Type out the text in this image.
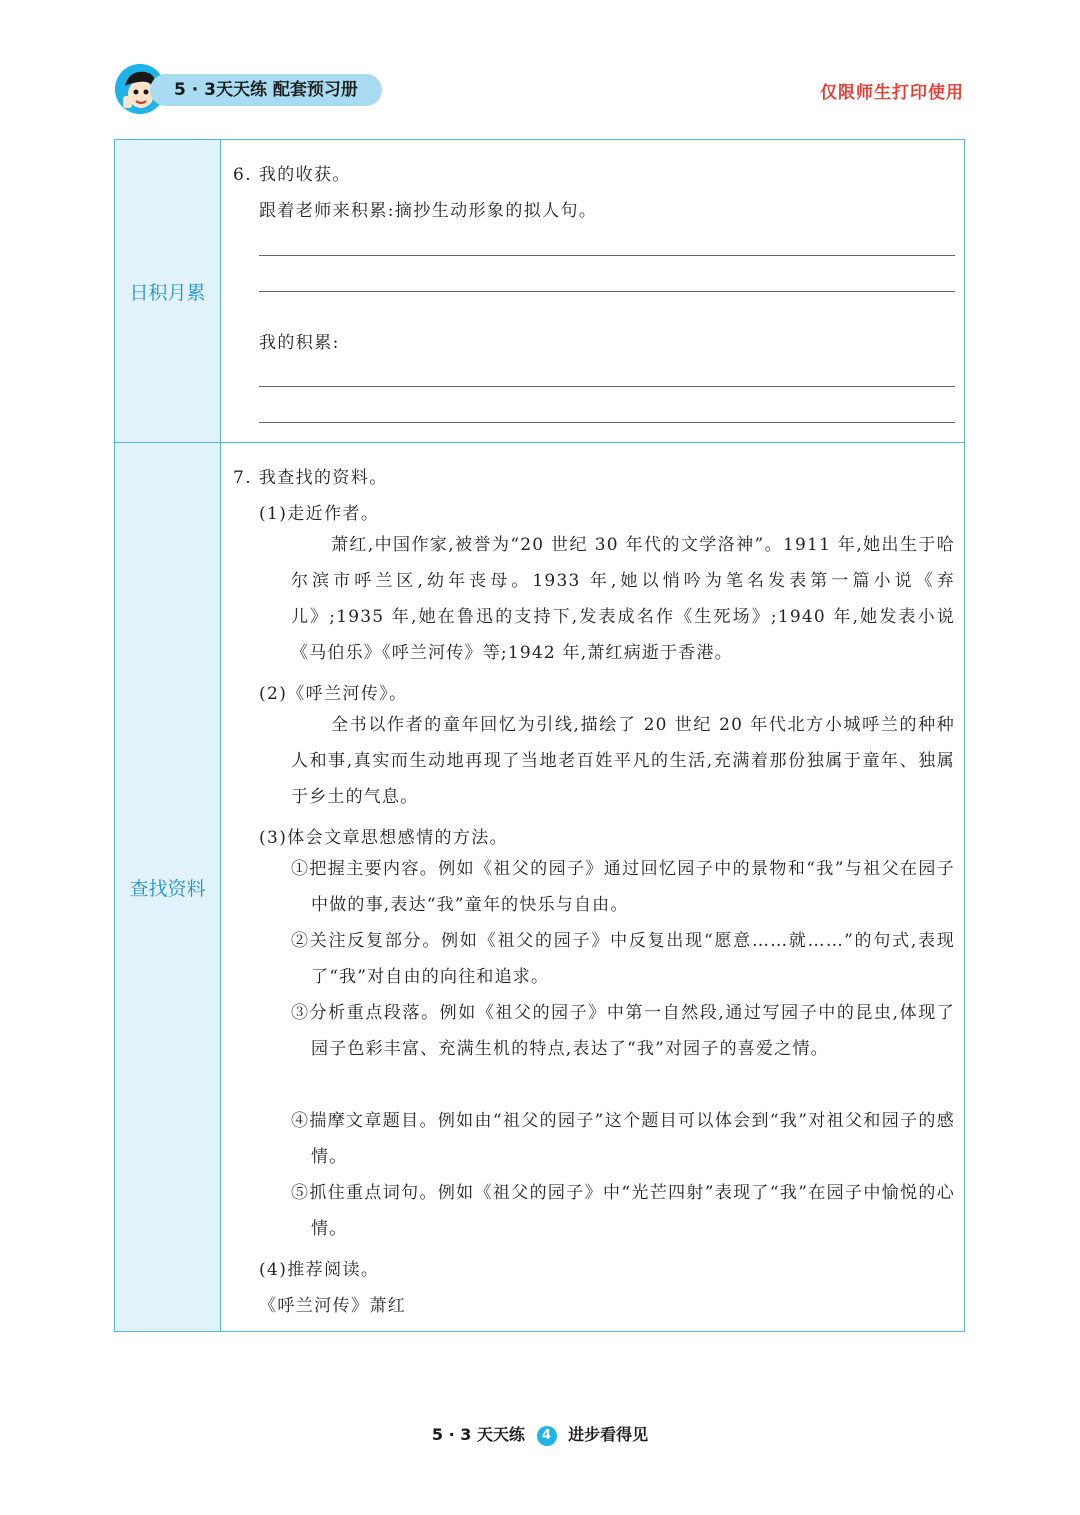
5 · 3天天练 配套预习册	仅限师生打印使用
日积月累
6. 我的收获。
跟着老师来积累:摘抄生动形象的拟人句。
我的积累:
查找资料
7. 我查找的资料。
(1)走近作者。
萧红,中国作家,被誉为“20 世纪 30 年代的文学洛神”。1911 年,她出生于哈尔滨市呼兰区,幼年丧母。1933 年,她以悄吟为笔名发表第一篇小说《弃儿》;1935 年,她在鲁迅的支持下,发表成名作《生死场》;1940 年,她发表小说《马伯乐》《呼兰河传》等;1942 年,萧红病逝于香港。
(2)《呼兰河传》。
全书以作者的童年回忆为引线,描绘了 20 世纪 20 年代北方小城呼兰的种种人和事,真实而生动地再现了当地老百姓平凡的生活,充满着那份独属于童年、独属于乡土的气息。
(3)体会文章思想感情的方法。
①把握主要内容。例如《祖父的园子》通过回忆园子中的景物和“我”与祖父在园子中做的事,表达“我”童年的快乐与自由。
②关注反复部分。例如《祖父的园子》中反复出现“愿意……就……”的句式,表现了“我”对自由的向往和追求。
③分析重点段落。例如《祖父的园子》中第一自然段,通过写园子中的昆虫,体现了园子色彩丰富、充满生机的特点,表达了“我”对园子的喜爱之情。
④揣摩文章题目。例如由“祖父的园子”这个题目可以体会到“我”对祖父和园子的感情。
⑤抓住重点词句。例如《祖父的园子》中“光芒四射”表现了“我”在园子中愉悦的心情。
(4)推荐阅读。
《呼兰河传》萧红
5 · 3 天天练 4 进步看得见
